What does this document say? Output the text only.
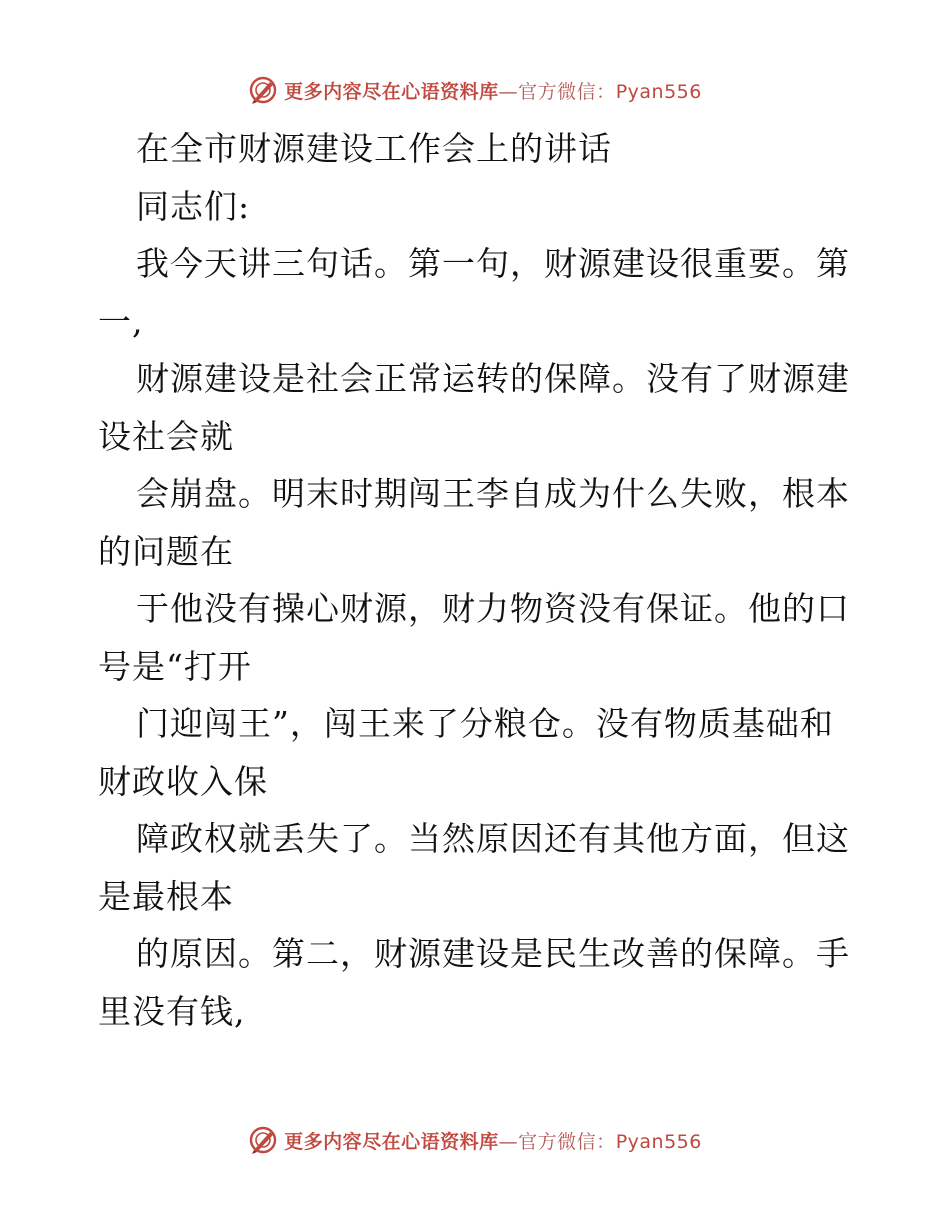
更多内容尽在心语资料库—官方微信：Pyan556
在全市财源建设工作会上的讲话
同志们:
我今天讲三句话。第一句，财源建设很重要。第
一,
财源建设是社会正常运转的保障。没有了财源建
设社会就
会崩盘。明末时期闯王李自成为什么失败，根本
的问题在
于他没有操心财源，财力物资没有保证。他的口
号是“打开
门迎闯王”，闯王来了分粮仓。没有物质基础和
财政收入保
障政权就丢失了。当然原因还有其他方面，但这
是最根本
的原因。第二，财源建设是民生改善的保障。手
里没有钱,
更多内容尽在心语资料库—官方微信：Pyan556
